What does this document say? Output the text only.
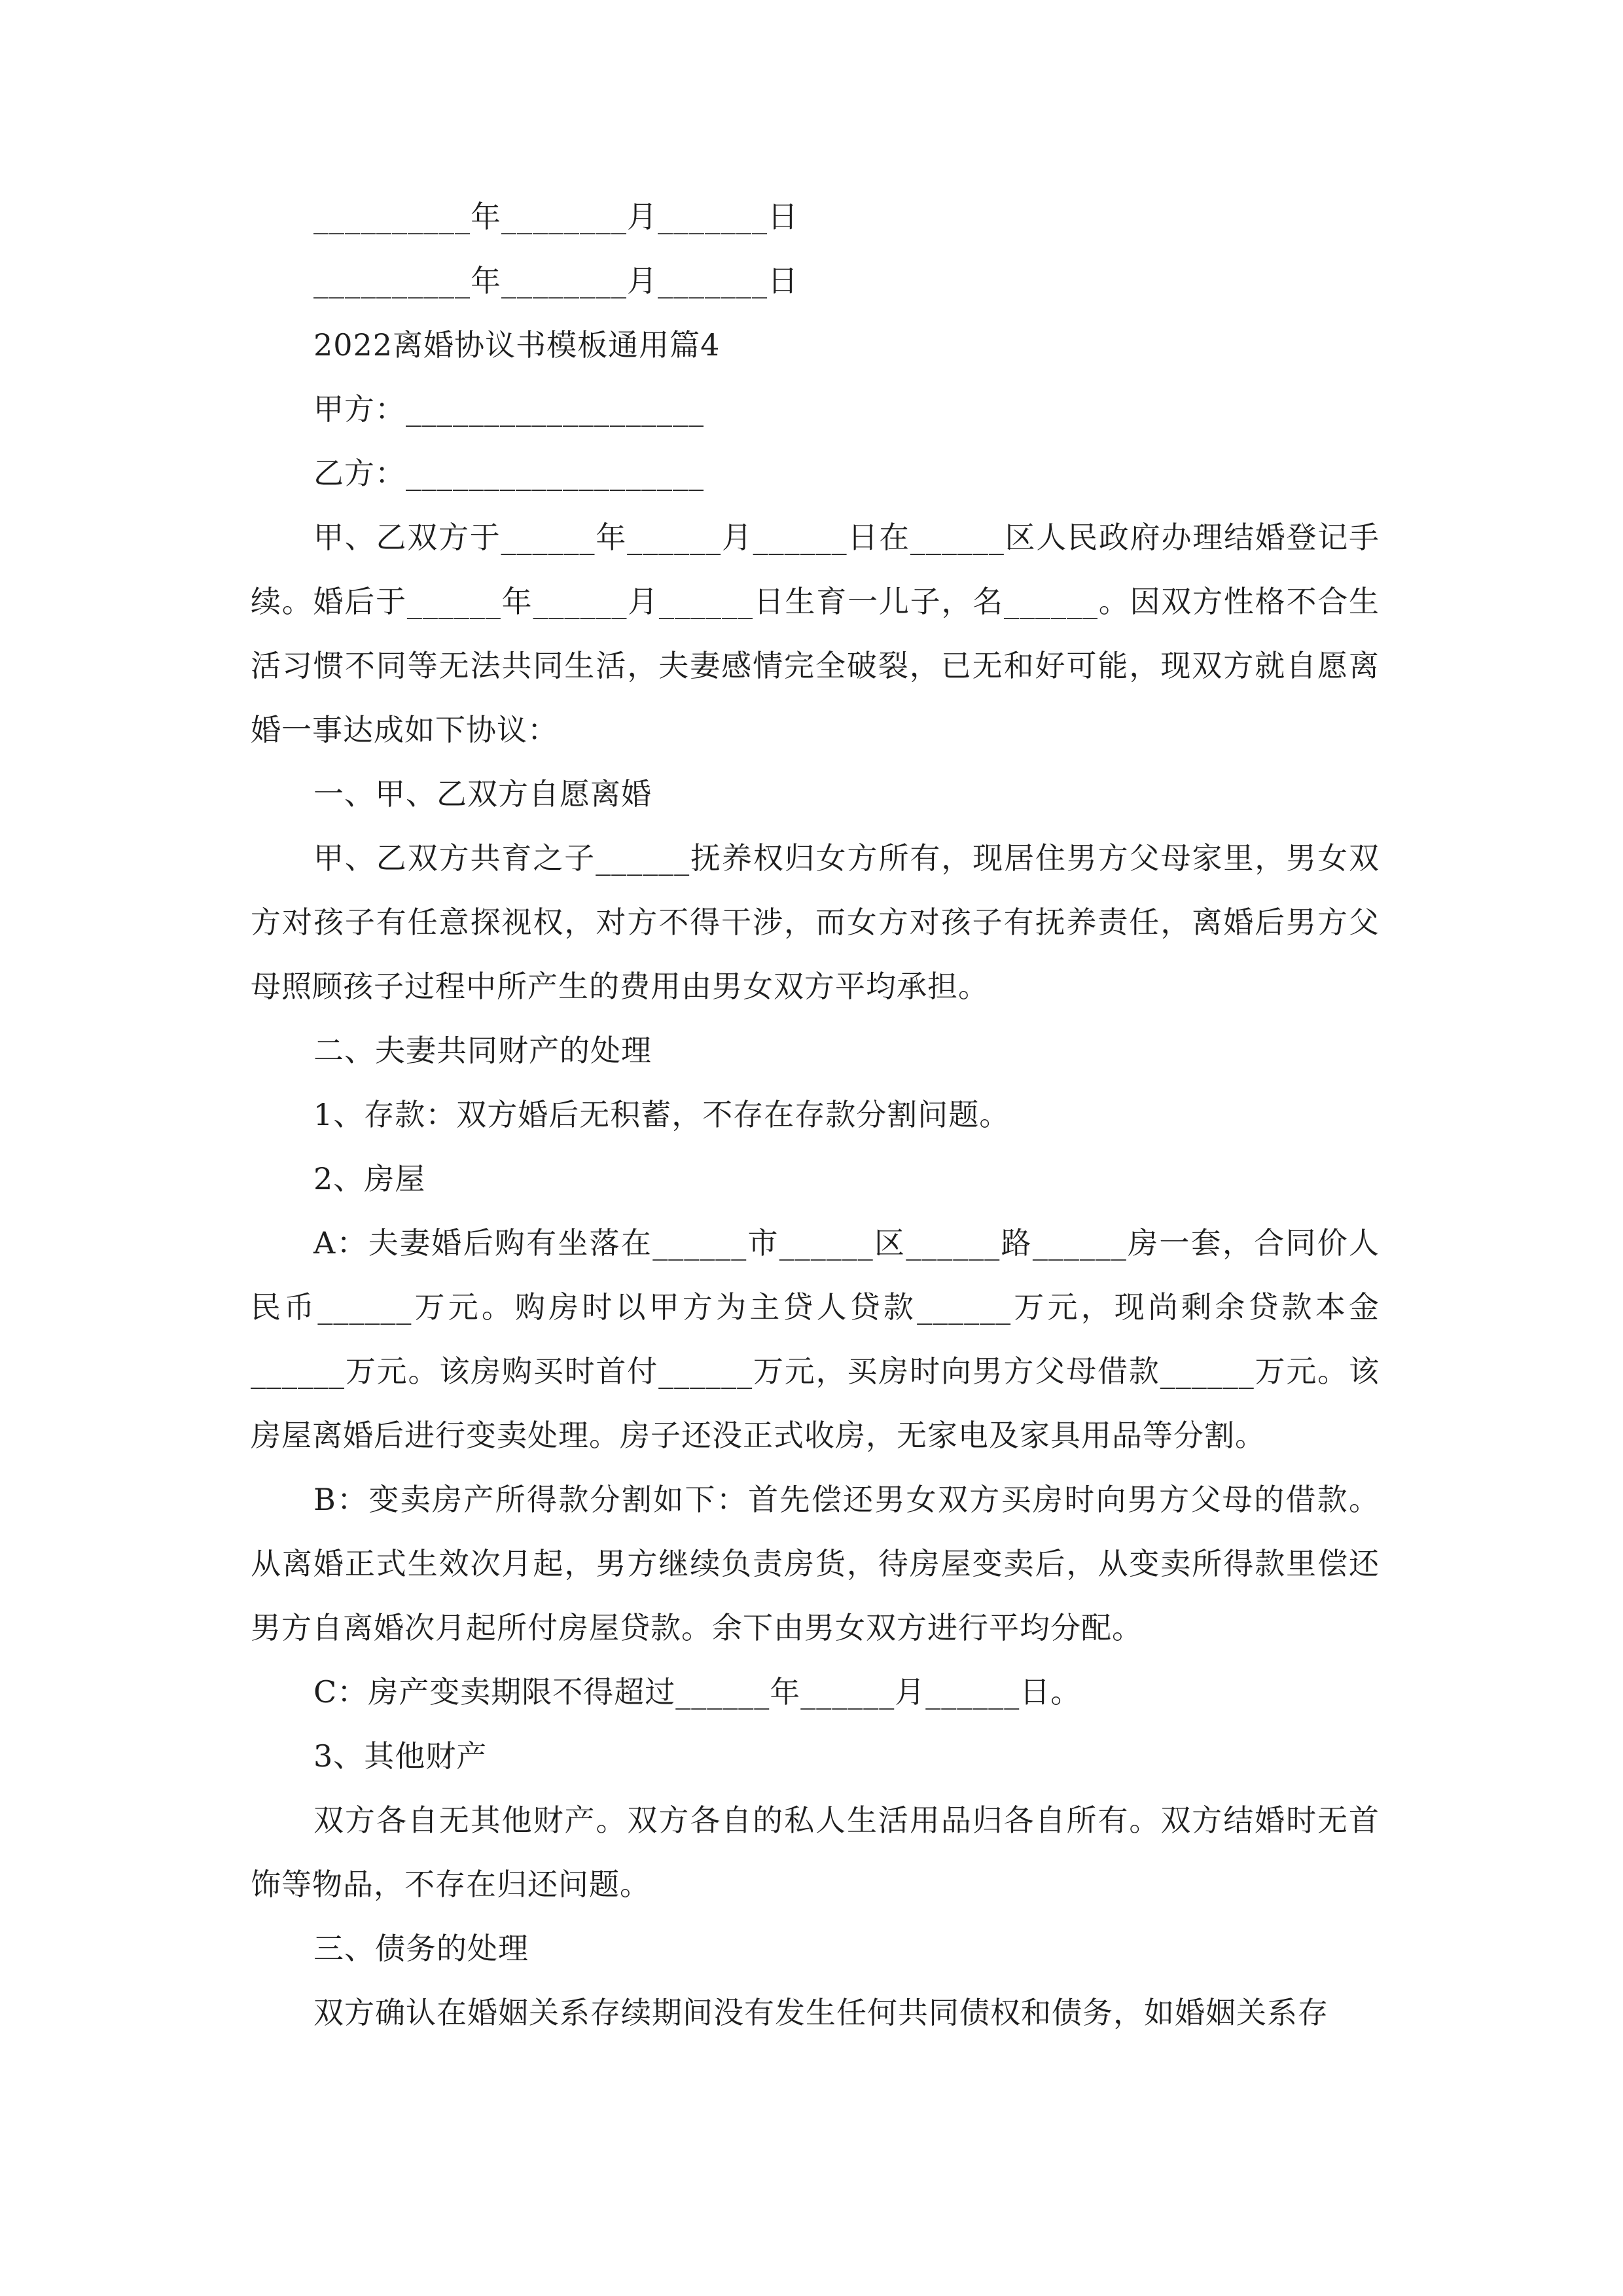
__________年________月_______日
__________年________月_______日
2022离婚协议书模板通用篇4
甲方：___________________
乙方：___________________
甲、乙双方于______年______月______日在______区人民政府办理结婚登记手续。婚后于______年______月______日生育一儿子，名______。因双方性格不合生活习惯不同等无法共同生活，夫妻感情完全破裂，已无和好可能，现双方就自愿离婚一事达成如下协议：
一、甲、乙双方自愿离婚
甲、乙双方共育之子______抚养权归女方所有，现居住男方父母家里，男女双方对孩子有任意探视权，对方不得干涉，而女方对孩子有抚养责任，离婚后男方父母照顾孩子过程中所产生的费用由男女双方平均承担。
二、夫妻共同财产的处理
1、存款：双方婚后无积蓄，不存在存款分割问题。
2、房屋
A：夫妻婚后购有坐落在______市______区______路______房一套，合同价人民币______万元。购房时以甲方为主贷人贷款______万元，现尚剩余贷款本金______万元。该房购买时首付______万元，买房时向男方父母借款______万元。该房屋离婚后进行变卖处理。房子还没正式收房，无家电及家具用品等分割。
B：变卖房产所得款分割如下：首先偿还男女双方买房时向男方父母的借款。从离婚正式生效次月起，男方继续负责房货，待房屋变卖后，从变卖所得款里偿还男方自离婚次月起所付房屋贷款。余下由男女双方进行平均分配。
C：房产变卖期限不得超过______年______月______日。
3、其他财产
双方各自无其他财产。双方各自的私人生活用品归各自所有。双方结婚时无首饰等物品，不存在归还问题。
三、债务的处理
双方确认在婚姻关系存续期间没有发生任何共同债权和债务，如婚姻关系存
